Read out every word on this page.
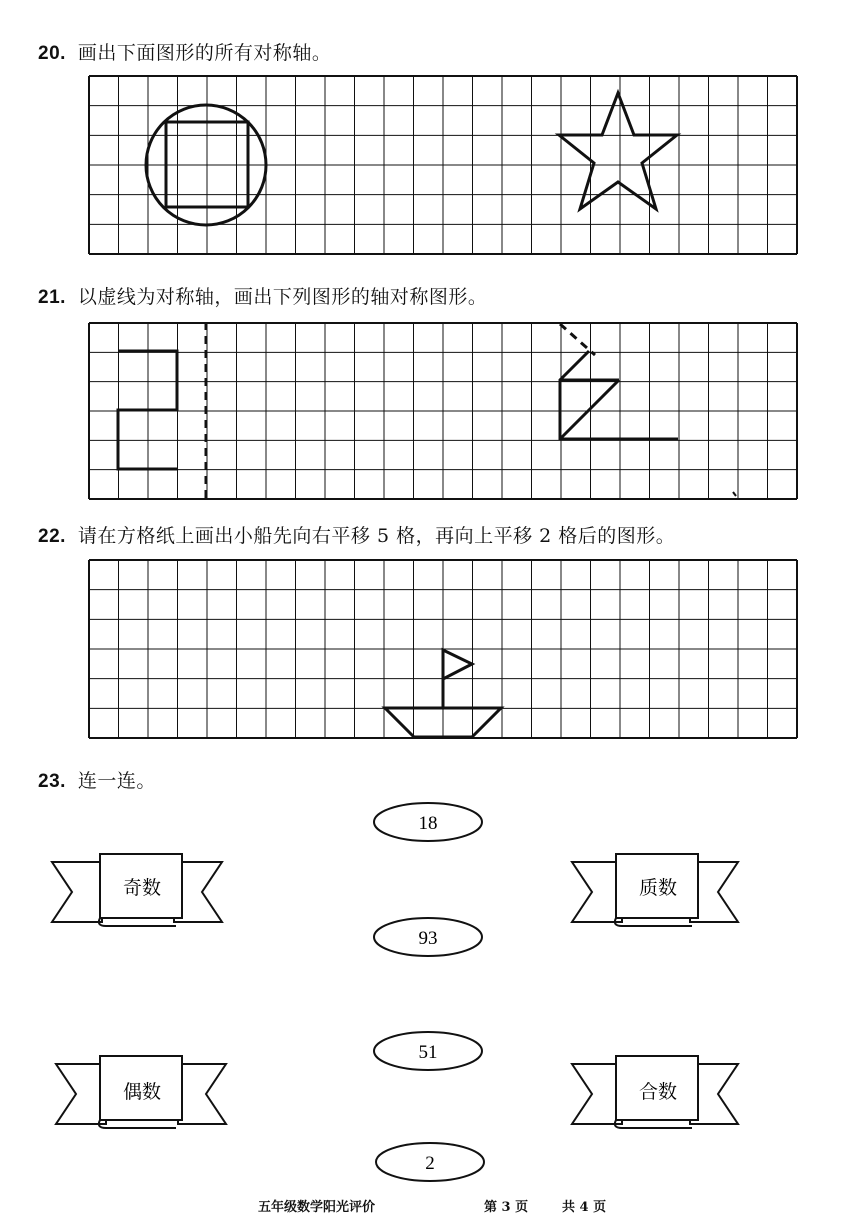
20. 画出下面图形的所有对称轴。
21. 以虚线为对称轴，画出下列图形的轴对称图形。
22. 请在方格纸上画出小船先向右平移 5 格，再向上平移 2 格后的图形。
23. 连一连。
18
93
51
2
奇数	质数
偶数	合数
五年级数学阳光评价	第 3 页	共 4 页
